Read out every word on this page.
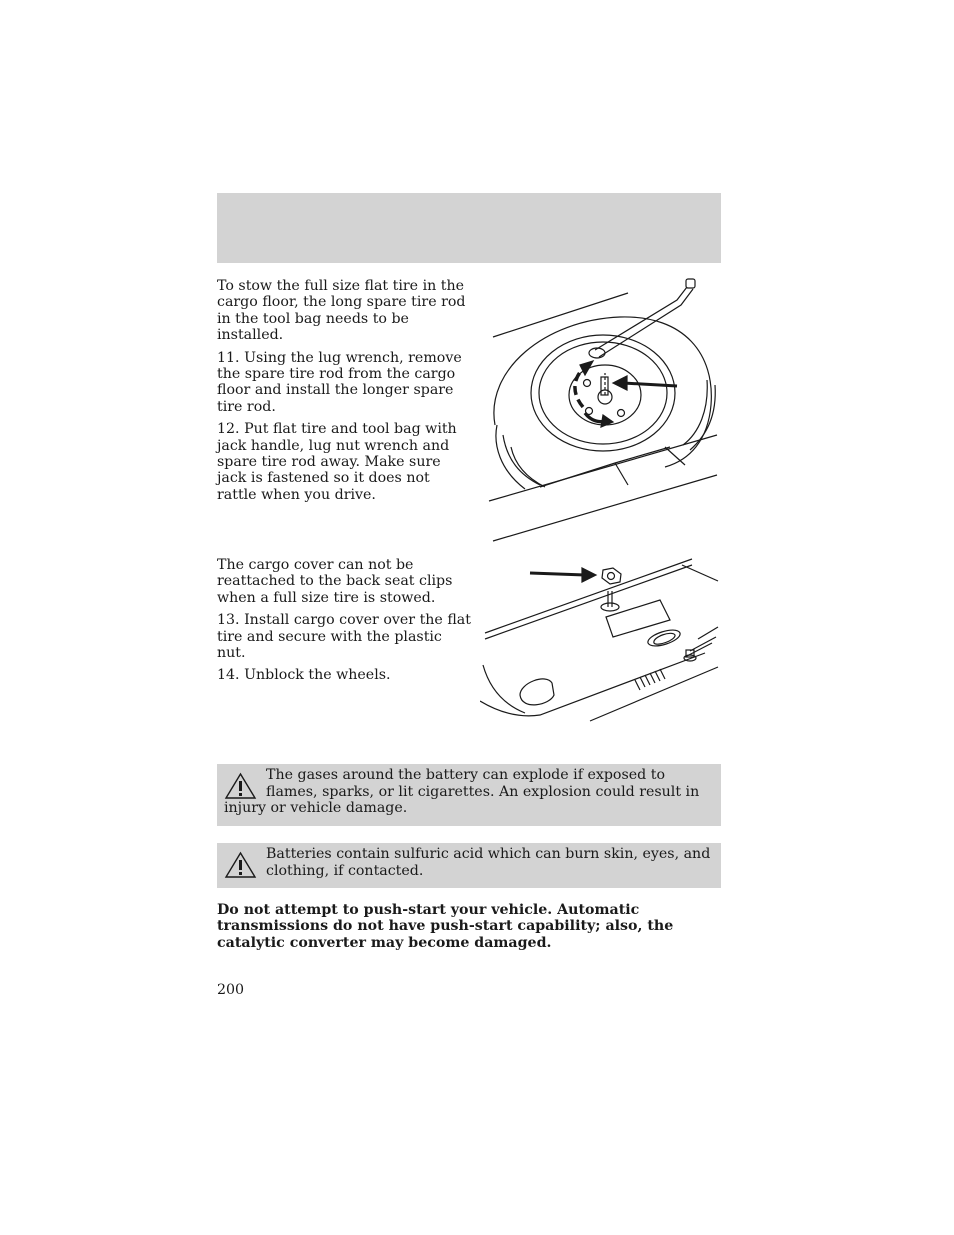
To stow the full size flat tire in the cargo floor, the long spare tire rod in the tool bag needs to be installed.

11. Using the lug wrench, remove the spare tire rod from the cargo floor and install the longer spare tire rod.

12. Put flat tire and tool bag with jack handle, lug nut wrench and spare tire rod away. Make sure jack is fastened so it does not rattle when you drive.

The cargo cover can not be reattached to the back seat clips when a full size tire is stowed.

13. Install cargo cover over the flat tire and secure with the plastic nut.

14. Unblock the wheels.

The gases around the battery can explode if exposed to flames, sparks, or lit cigarettes. An explosion could result in injury or vehicle damage.
Batteries contain sulfuric acid which can burn skin, eyes, and clothing, if contacted.
Do not attempt to push-start your vehicle. Automatic transmissions do not have push-start capability; also, the catalytic converter may become damaged.
200
